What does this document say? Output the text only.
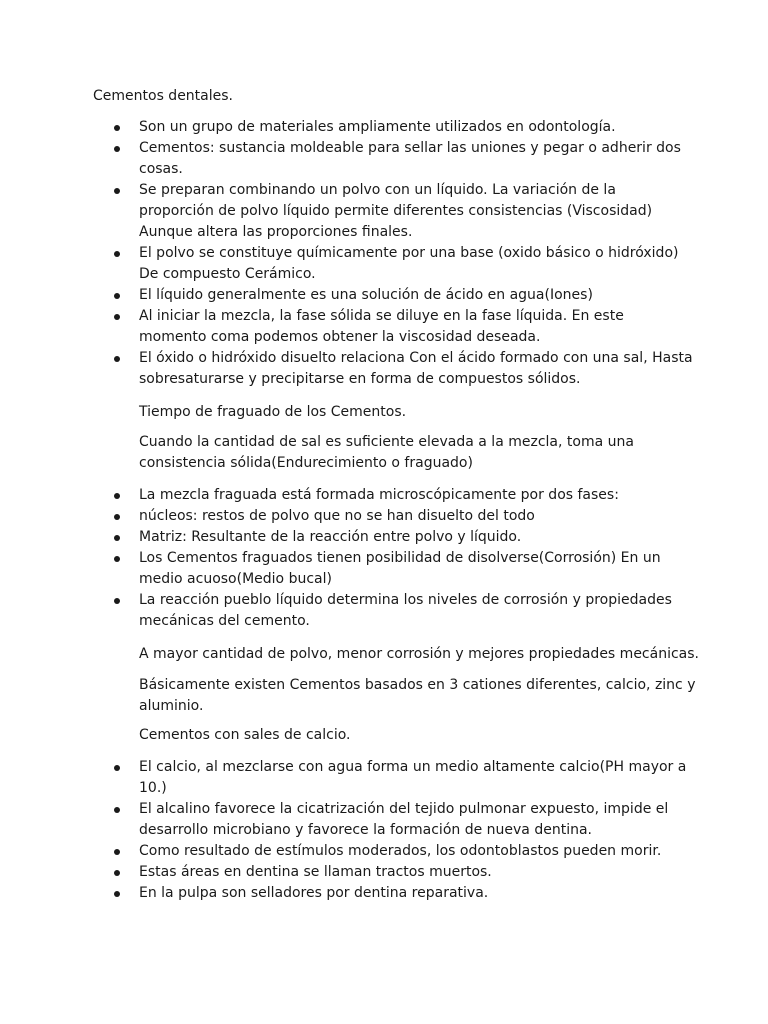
Cementos dentales.
Son un grupo de materiales ampliamente utilizados en odontología.
Cementos: sustancia moldeable para sellar las uniones y pegar o adherir dos cosas.
Se preparan combinando un polvo con un líquido. La variación de la proporción de polvo líquido permite diferentes consistencias (Viscosidad) Aunque altera las proporciones finales.
El polvo se constituye químicamente por una base (oxido básico o hidróxido) De compuesto Cerámico.
El líquido generalmente es una solución de ácido en agua(Iones)
Al iniciar la mezcla, la fase sólida se diluye en la fase líquida. En este momento coma podemos obtener la viscosidad deseada.
El óxido o hidróxido disuelto relaciona Con el ácido formado con una sal, Hasta sobresaturarse y precipitarse en forma de compuestos sólidos.

Tiempo de fraguado de los Cementos.

Cuando la cantidad de sal es suficiente elevada a la mezcla, toma una consistencia sólida(Endurecimiento o fraguado)

La mezcla fraguada está formada microscópicamente por dos fases:
núcleos: restos de polvo que no se han disuelto del todo
Matriz: Resultante de la reacción entre polvo y líquido.
Los Cementos fraguados tienen posibilidad de disolverse(Corrosión) En un medio acuoso(Medio bucal)
La reacción pueblo líquido determina los niveles de corrosión y propiedades mecánicas del cemento.

A mayor cantidad de polvo, menor corrosión y mejores propiedades mecánicas.

Básicamente existen Cementos basados en 3 cationes diferentes, calcio, zinc y aluminio.

Cementos con sales de calcio.

El calcio, al mezclarse con agua forma un medio altamente calcio(PH mayor a 10.)
El alcalino favorece la cicatrización del tejido pulmonar expuesto, impide el desarrollo microbiano y favorece la formación de nueva dentina.
Como resultado de estímulos moderados, los odontoblastos pueden morir.
Estas áreas en dentina se llaman tractos muertos.
En la pulpa son selladores por dentina reparativa.
